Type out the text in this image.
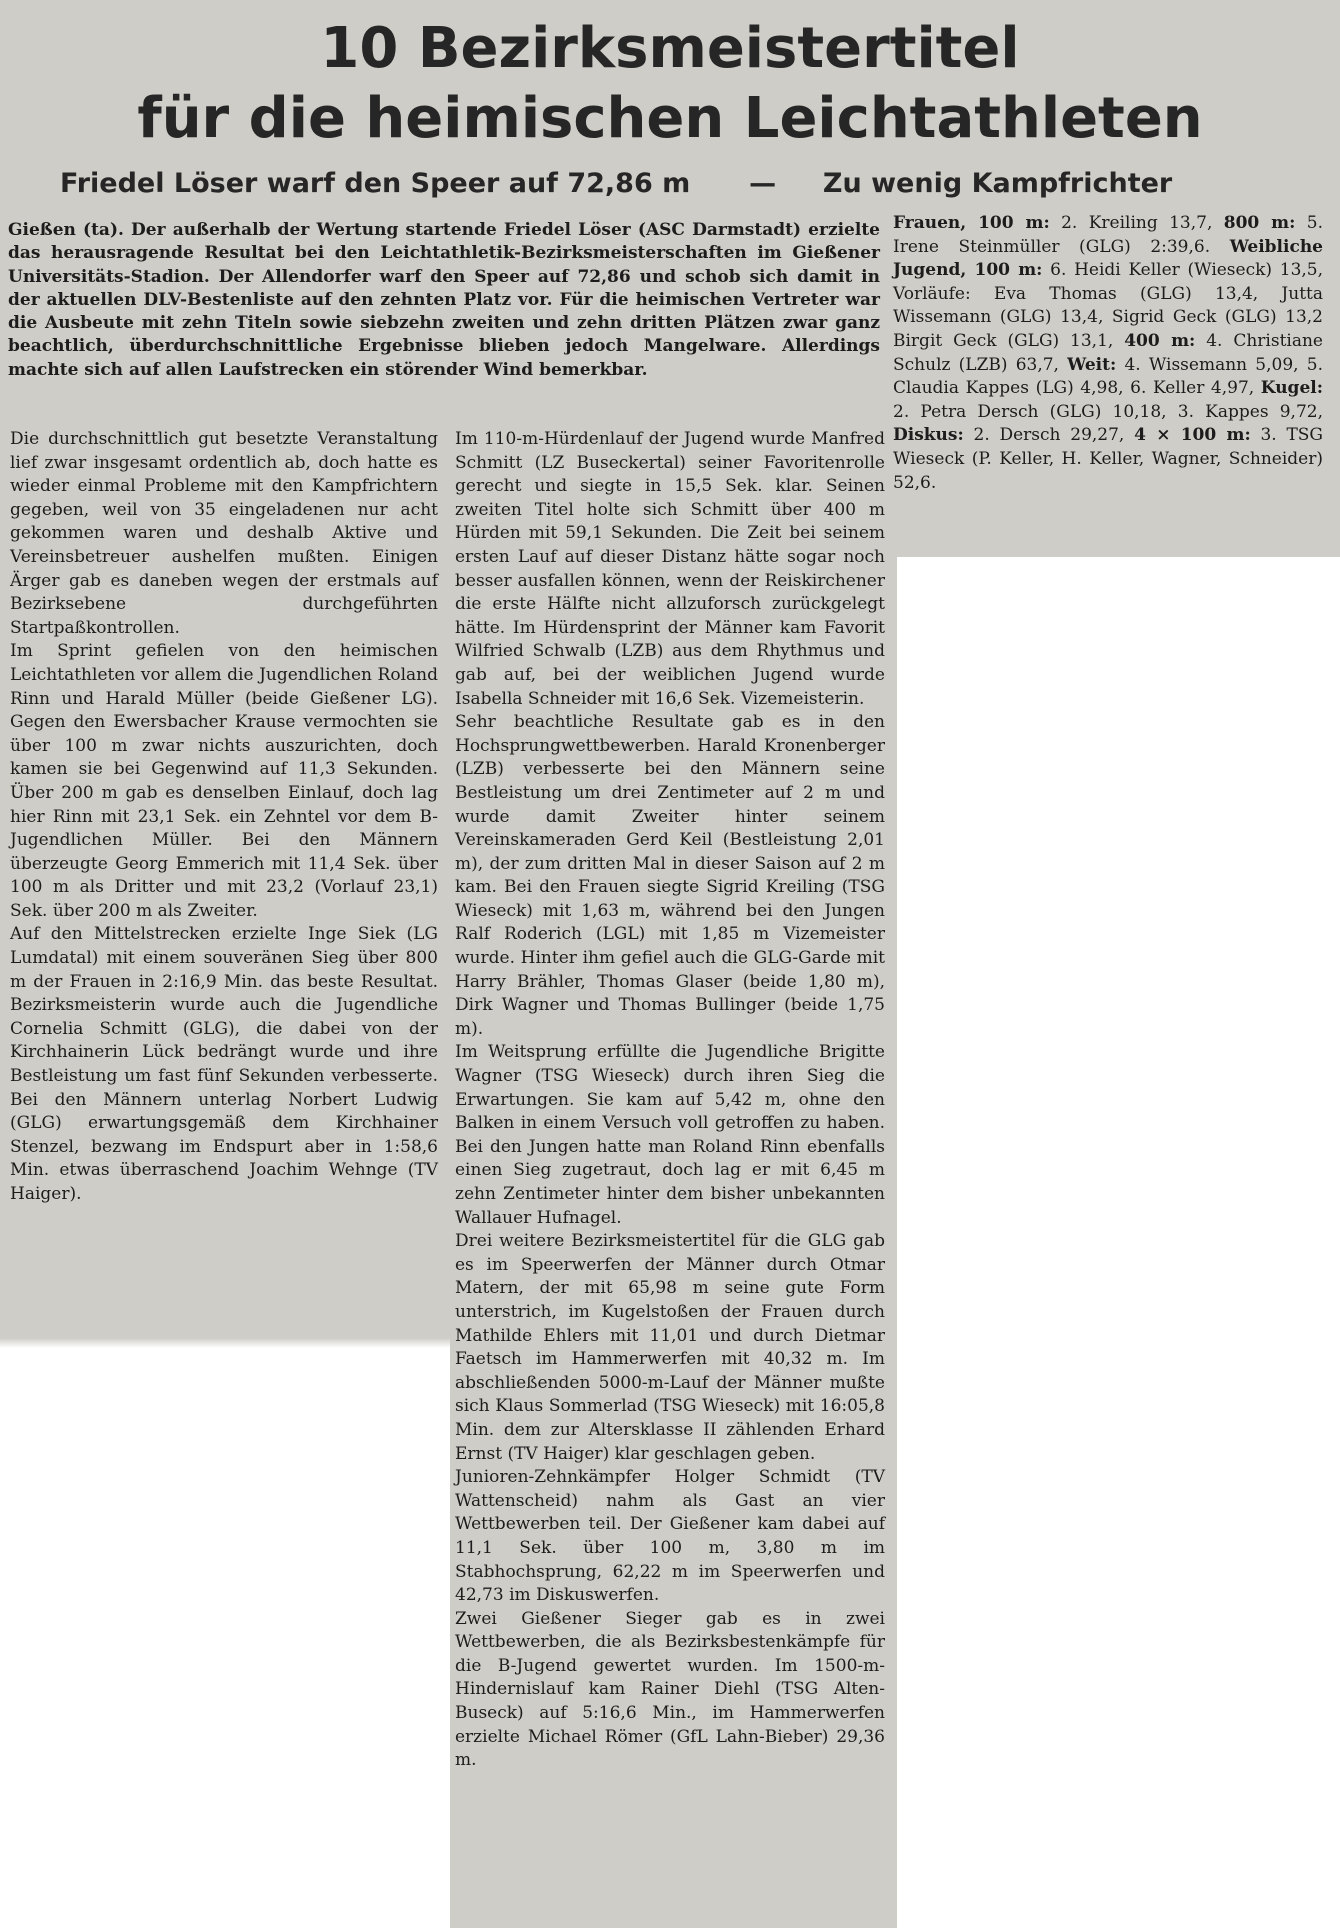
10 Bezirksmeistertitel
für die heimischen Leichtathleten
Friedel Löser warf den Speer auf 72,86 m — Zu wenig Kampfrichter

Gießen (ta). Der außerhalb der Wertung startende Friedel Löser (ASC Darmstadt) erzielte das herausragende Resultat bei den Leichtathletik-Bezirksmeisterschaften im Gießener Universitäts-Stadion. Der Allendorfer warf den Speer auf 72,86 und schob sich damit in der aktuellen DLV-Bestenliste auf den zehnten Platz vor. Für die heimischen Vertreter war die Ausbeute mit zehn Titeln sowie siebzehn zweiten und zehn dritten Plätzen zwar ganz beachtlich, überdurchschnittliche Ergebnisse blieben jedoch Mangelware. Allerdings machte sich auf allen Laufstrecken ein störender Wind bemerkbar.

Die durchschnittlich gut besetzte Veranstaltung lief zwar insgesamt ordentlich ab, doch hatte es wieder einmal Probleme mit den Kampfrichtern gegeben, weil von 35 eingeladenen nur acht gekommen waren und deshalb Aktive und Vereinsbetreuer aushelfen mußten. Einigen Ärger gab es daneben wegen der erstmals auf Bezirksebene durchgeführten Startpaßkontrollen.

Im Sprint gefielen von den heimischen Leichtathleten vor allem die Jugendlichen Roland Rinn und Harald Müller (beide Gießener LG). Gegen den Ewersbacher Krause vermochten sie über 100 m zwar nichts auszurichten, doch kamen sie bei Gegenwind auf 11,3 Sekunden. Über 200 m gab es denselben Einlauf, doch lag hier Rinn mit 23,1 Sek. ein Zehntel vor dem B-Jugendlichen Müller. Bei den Männern überzeugte Georg Emmerich mit 11,4 Sek. über 100 m als Dritter und mit 23,2 (Vorlauf 23,1) Sek. über 200 m als Zweiter.

Auf den Mittelstrecken erzielte Inge Siek (LG Lumdatal) mit einem souveränen Sieg über 800 m der Frauen in 2:16,9 Min. das beste Resultat. Bezirksmeisterin wurde auch die Jugendliche Cornelia Schmitt (GLG), die dabei von der Kirchhainerin Lück bedrängt wurde und ihre Bestleistung um fast fünf Sekunden verbesserte. Bei den Männern unterlag Norbert Ludwig (GLG) erwartungsgemäß dem Kirchhainer Stenzel, bezwang im Endspurt aber in 1:58,6 Min. etwas überraschend Joachim Wehnge (TV Haiger).

Im 110-m-Hürdenlauf der Jugend wurde Manfred Schmitt (LZ Buseckertal) seiner Favoritenrolle gerecht und siegte in 15,5 Sek. klar. Seinen zweiten Titel holte sich Schmitt über 400 m Hürden mit 59,1 Sekunden. Die Zeit bei seinem ersten Lauf auf dieser Distanz hätte sogar noch besser ausfallen können, wenn der Reiskirchener die erste Hälfte nicht allzuforsch zurückgelegt hätte. Im Hürdensprint der Männer kam Favorit Wilfried Schwalb (LZB) aus dem Rhythmus und gab auf, bei der weiblichen Jugend wurde Isabella Schneider mit 16,6 Sek. Vizemeisterin.

Sehr beachtliche Resultate gab es in den Hochsprungwettbewerben. Harald Kronenberger (LZB) verbesserte bei den Männern seine Bestleistung um drei Zentimeter auf 2 m und wurde damit Zweiter hinter seinem Vereinskameraden Gerd Keil (Bestleistung 2,01 m), der zum dritten Mal in dieser Saison auf 2 m kam. Bei den Frauen siegte Sigrid Kreiling (TSG Wieseck) mit 1,63 m, während bei den Jungen Ralf Roderich (LGL) mit 1,85 m Vizemeister wurde. Hinter ihm gefiel auch die GLG-Garde mit Harry Brähler, Thomas Glaser (beide 1,80 m), Dirk Wagner und Thomas Bullinger (beide 1,75 m).

Im Weitsprung erfüllte die Jugendliche Brigitte Wagner (TSG Wieseck) durch ihren Sieg die Erwartungen. Sie kam auf 5,42 m, ohne den Balken in einem Versuch voll getroffen zu haben. Bei den Jungen hatte man Roland Rinn ebenfalls einen Sieg zugetraut, doch lag er mit 6,45 m zehn Zentimeter hinter dem bisher unbekannten Wallauer Hufnagel.

Drei weitere Bezirksmeistertitel für die GLG gab es im Speerwerfen der Männer durch Otmar Matern, der mit 65,98 m seine gute Form unterstrich, im Kugelstoßen der Frauen durch Mathilde Ehlers mit 11,01 und durch Dietmar Faetsch im Hammerwerfen mit 40,32 m. Im abschließenden 5000-m-Lauf der Männer mußte sich Klaus Sommerlad (TSG Wieseck) mit 16:05,8 Min. dem zur Altersklasse II zählenden Erhard Ernst (TV Haiger) klar geschlagen geben.

Junioren-Zehnkämpfer Holger Schmidt (TV Wattenscheid) nahm als Gast an vier Wettbewerben teil. Der Gießener kam dabei auf 11,1 Sek. über 100 m, 3,80 m im Stabhochsprung, 62,22 m im Speerwerfen und 42,73 im Diskuswerfen.

Zwei Gießener Sieger gab es in zwei Wettbewerben, die als Bezirksbestenkämpfe für die B-Jugend gewertet wurden. Im 1500-m-Hindernislauf kam Rainer Diehl (TSG Alten-Buseck) auf 5:16,6 Min., im Hammerwerfen erzielte Michael Römer (GfL Lahn-Bieber) 29,36 m.

Frauen, 100 m: 2. Kreiling 13,7, 800 m: 5. Irene Steinmüller (GLG) 2:39,6. Weibliche Jugend, 100 m: 6. Heidi Keller (Wieseck) 13,5, Vorläufe: Eva Thomas (GLG) 13,4, Jutta Wissemann (GLG) 13,4, Sigrid Geck (GLG) 13,2 Birgit Geck (GLG) 13,1, 400 m: 4. Christiane Schulz (LZB) 63,7, Weit: 4. Wissemann 5,09, 5. Claudia Kappes (LG) 4,98, 6. Keller 4,97, Kugel: 2. Petra Dersch (GLG) 10,18, 3. Kappes 9,72, Diskus: 2. Dersch 29,27, 4 × 100 m: 3. TSG Wieseck (P. Keller, H. Keller, Wagner, Schneider) 52,6.
